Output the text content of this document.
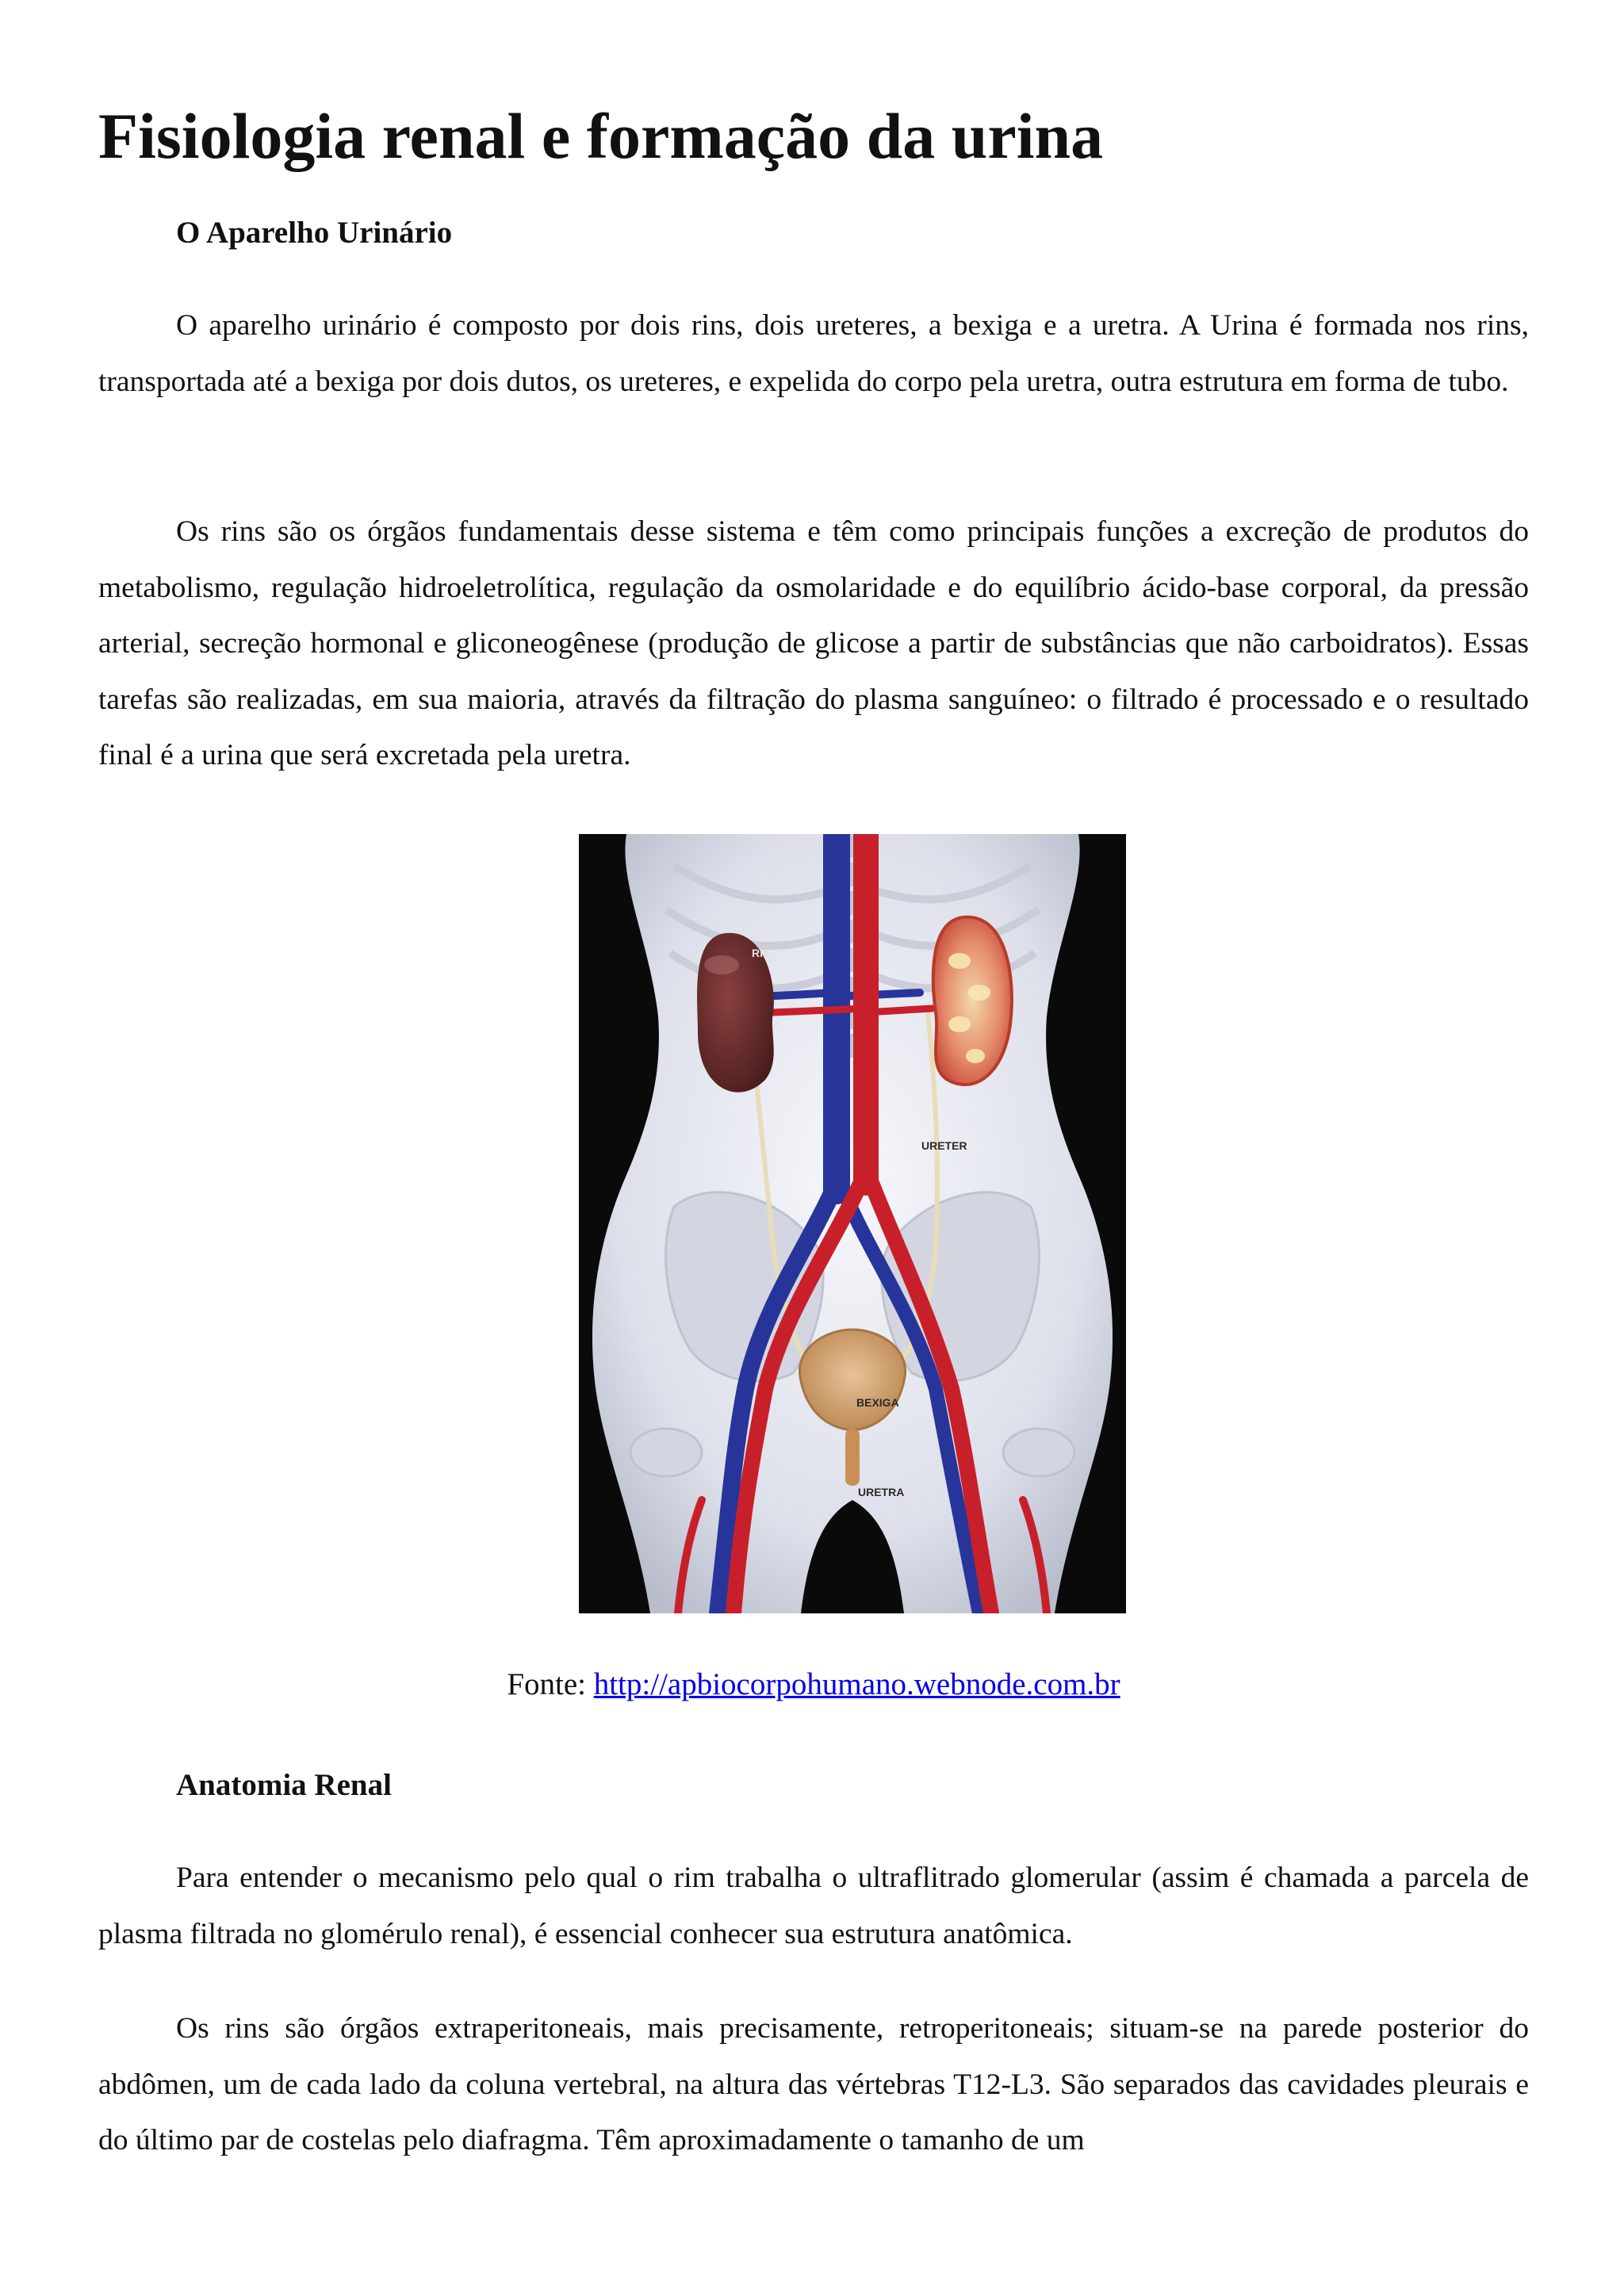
Fisiologia renal e formação da urina
O Aparelho Urinário

O aparelho urinário é composto por dois rins, dois ureteres, a bexiga e a uretra. A Urina é formada nos rins, transportada até a bexiga por dois dutos, os ureteres, e expelida do corpo pela uretra, outra estrutura em forma de tubo.

Os rins são os órgãos fundamentais desse sistema e têm como principais funções a excreção de produtos do metabolismo, regulação hidroeletrolítica, regulação da osmolaridade e do equilíbrio ácido-base corporal, da pressão arterial, secreção hormonal e gliconeogênese (produção de glicose a partir de substâncias que não carboidratos). Essas tarefas são realizadas, em sua maioria, através da filtração do plasma sanguíneo: o filtrado é processado e o resultado final é a urina que será excretada pela uretra.

RIM
URETER
BEXIGA
URETRA

Fonte: http://apbiocorpohumano.webnode.com.br

Anatomia Renal

Para entender o mecanismo pelo qual o rim trabalha o ultraflitrado glomerular (assim é chamada a parcela de plasma filtrada no glomérulo renal), é essencial conhecer sua estrutura anatômica.

Os rins são órgãos extraperitoneais, mais precisamente, retroperitoneais; situam-se na parede posterior do abdômen, um de cada lado da coluna vertebral, na altura das vértebras T12-L3. São separados das cavidades pleurais e do último par de costelas pelo diafragma. Têm aproximadamente o tamanho de um
